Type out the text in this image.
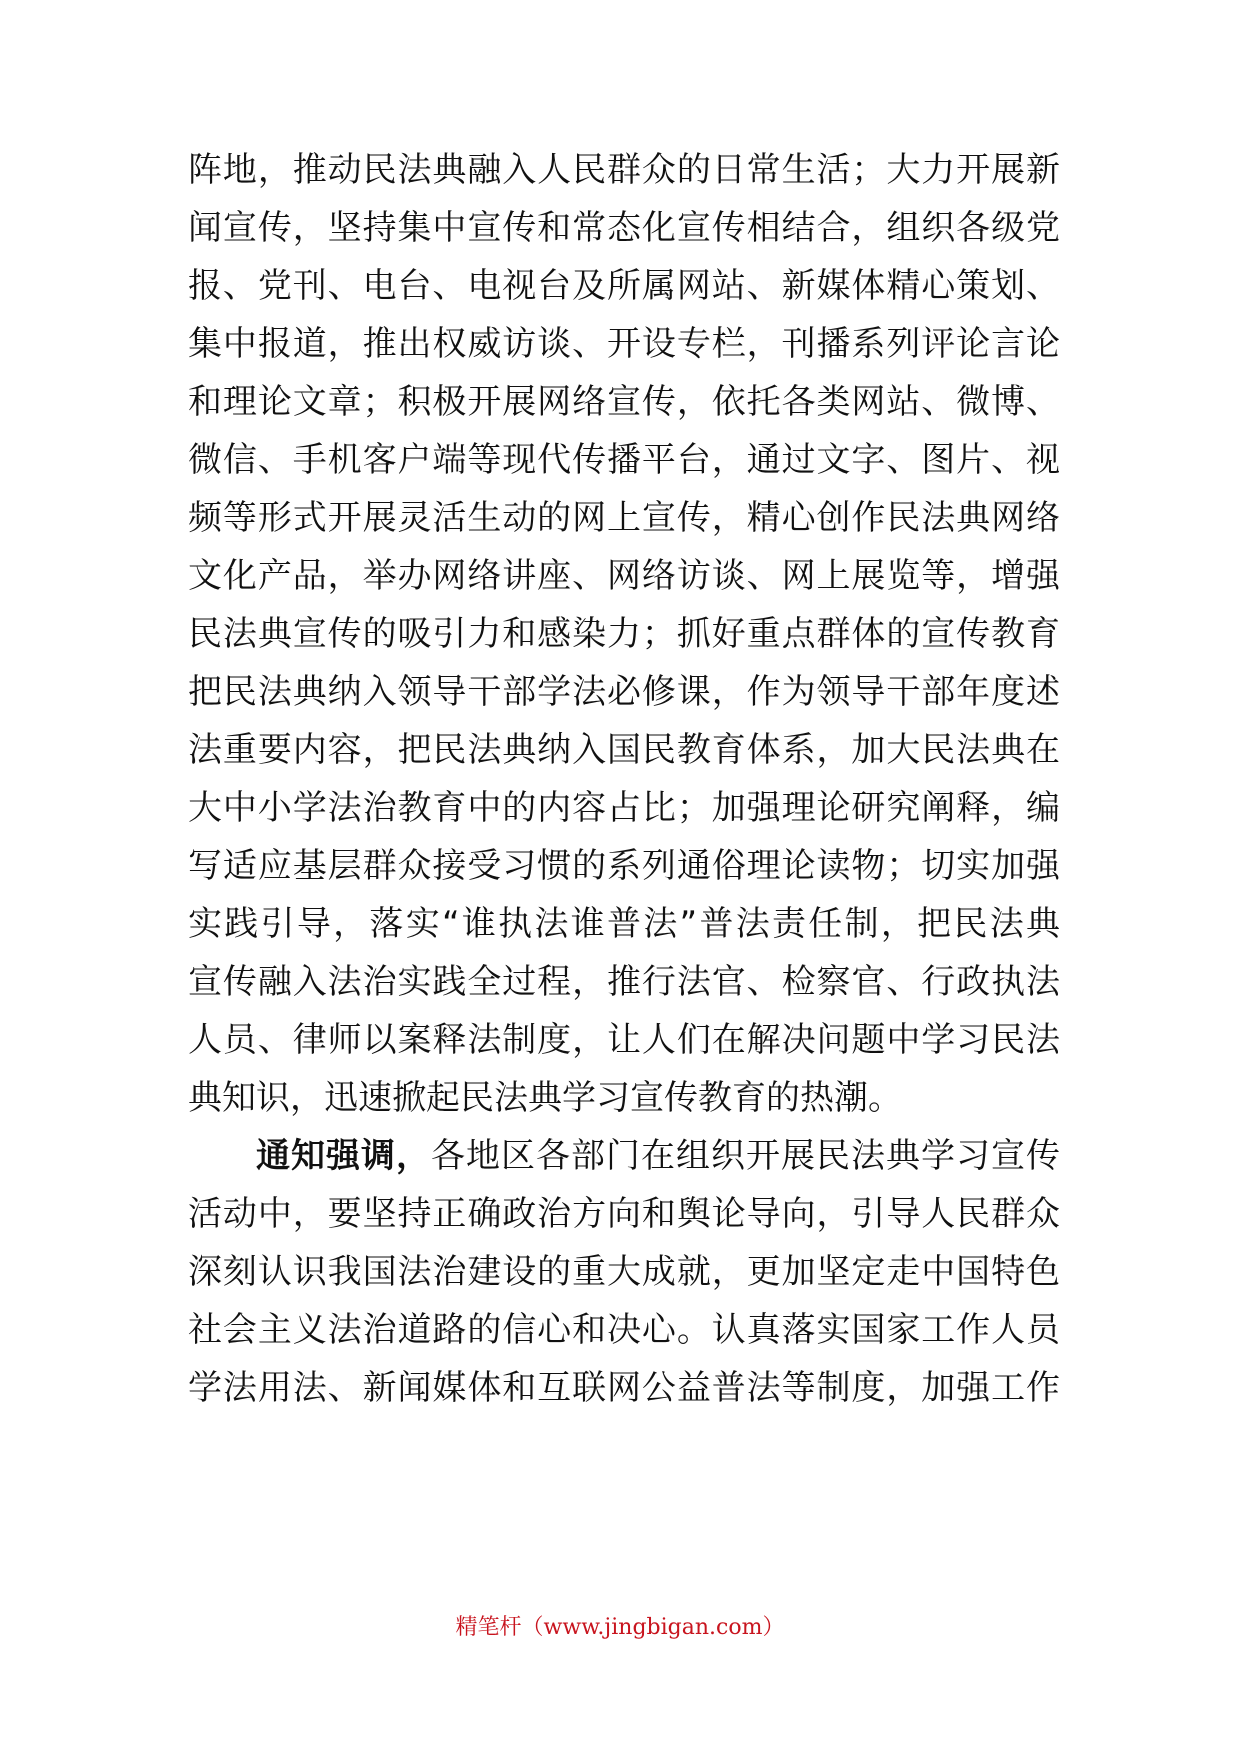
阵地，推动民法典融入人民群众的日常生活；大力开展新
闻宣传，坚持集中宣传和常态化宣传相结合，组织各级党
报、党刊、电台、电视台及所属网站、新媒体精心策划、
集中报道，推出权威访谈、开设专栏，刊播系列评论言论
和理论文章；积极开展网络宣传，依托各类网站、微博、
微信、手机客户端等现代传播平台，通过文字、图片、视
频等形式开展灵活生动的网上宣传，精心创作民法典网络
文化产品，举办网络讲座、网络访谈、网上展览等，增强
民法典宣传的吸引力和感染力；抓好重点群体的宣传教育
把民法典纳入领导干部学法必修课，作为领导干部年度述
法重要内容，把民法典纳入国民教育体系，加大民法典在
大中小学法治教育中的内容占比；加强理论研究阐释，编
写适应基层群众接受习惯的系列通俗理论读物；切实加强
实践引导，落实“谁执法谁普法”普法责任制，把民法典
宣传融入法治实践全过程，推行法官、检察官、行政执法
人员、律师以案释法制度，让人们在解决问题中学习民法
典知识，迅速掀起民法典学习宣传教育的热潮。
通知强调，各地区各部门在组织开展民法典学习宣传
活动中，要坚持正确政治方向和舆论导向，引导人民群众
深刻认识我国法治建设的重大成就，更加坚定走中国特色
社会主义法治道路的信心和决心。认真落实国家工作人员
学法用法、新闻媒体和互联网公益普法等制度，加强工作
精笔杆（www.jingbigan.com）
